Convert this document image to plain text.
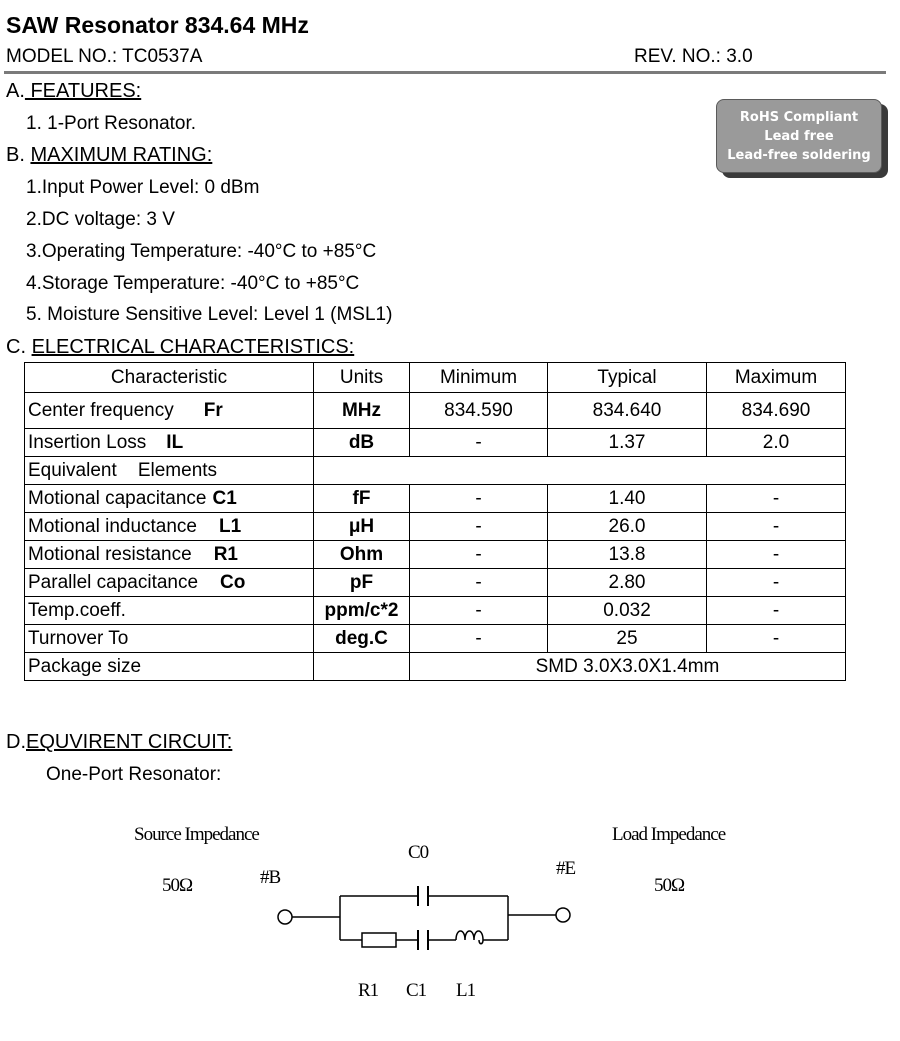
SAW Resonator 834.64 MHz
MODEL NO.: TC0537A	REV. NO.: 3.0
RoHS Compliant
Lead free
Lead-free soldering
A. FEATURES:
1. 1-Port Resonator.
B. MAXIMUM RATING:
1.Input Power Level: 0 dBm
2.DC voltage: 3 V
3.Operating Temperature: -40°C to +85°C
4.Storage Temperature: -40°C to +85°C
5. Moisture Sensitive Level: Level 1 (MSL1)
C. ELECTRICAL CHARACTERISTICS:
Characteristic	Units	Minimum	Typical	Maximum
Center frequency Fr	MHz	834.590	834.640	834.690
Insertion Loss IL	dB	-	1.37	2.0
Equivalent    Elements				
Motional capacitance C1	fF	-	1.40	-
Motional inductance L1	μH	-	26.0	-
Motional resistance R1	Ohm	-	13.8	-
Parallel capacitance Co	pF	-	2.80	-
Temp.coeff.	ppm/c*2	-	0.032	-
Turnover To	deg.C	-	25	-
Package size		SMD 3.0X3.0X1.4mm		
D.EQUVIRENT CIRCUIT:
One-Port Resonator:
Source Impedance	Load Impedance
50Ω	50Ω
#B	#E
C0
R1 C1 L1
